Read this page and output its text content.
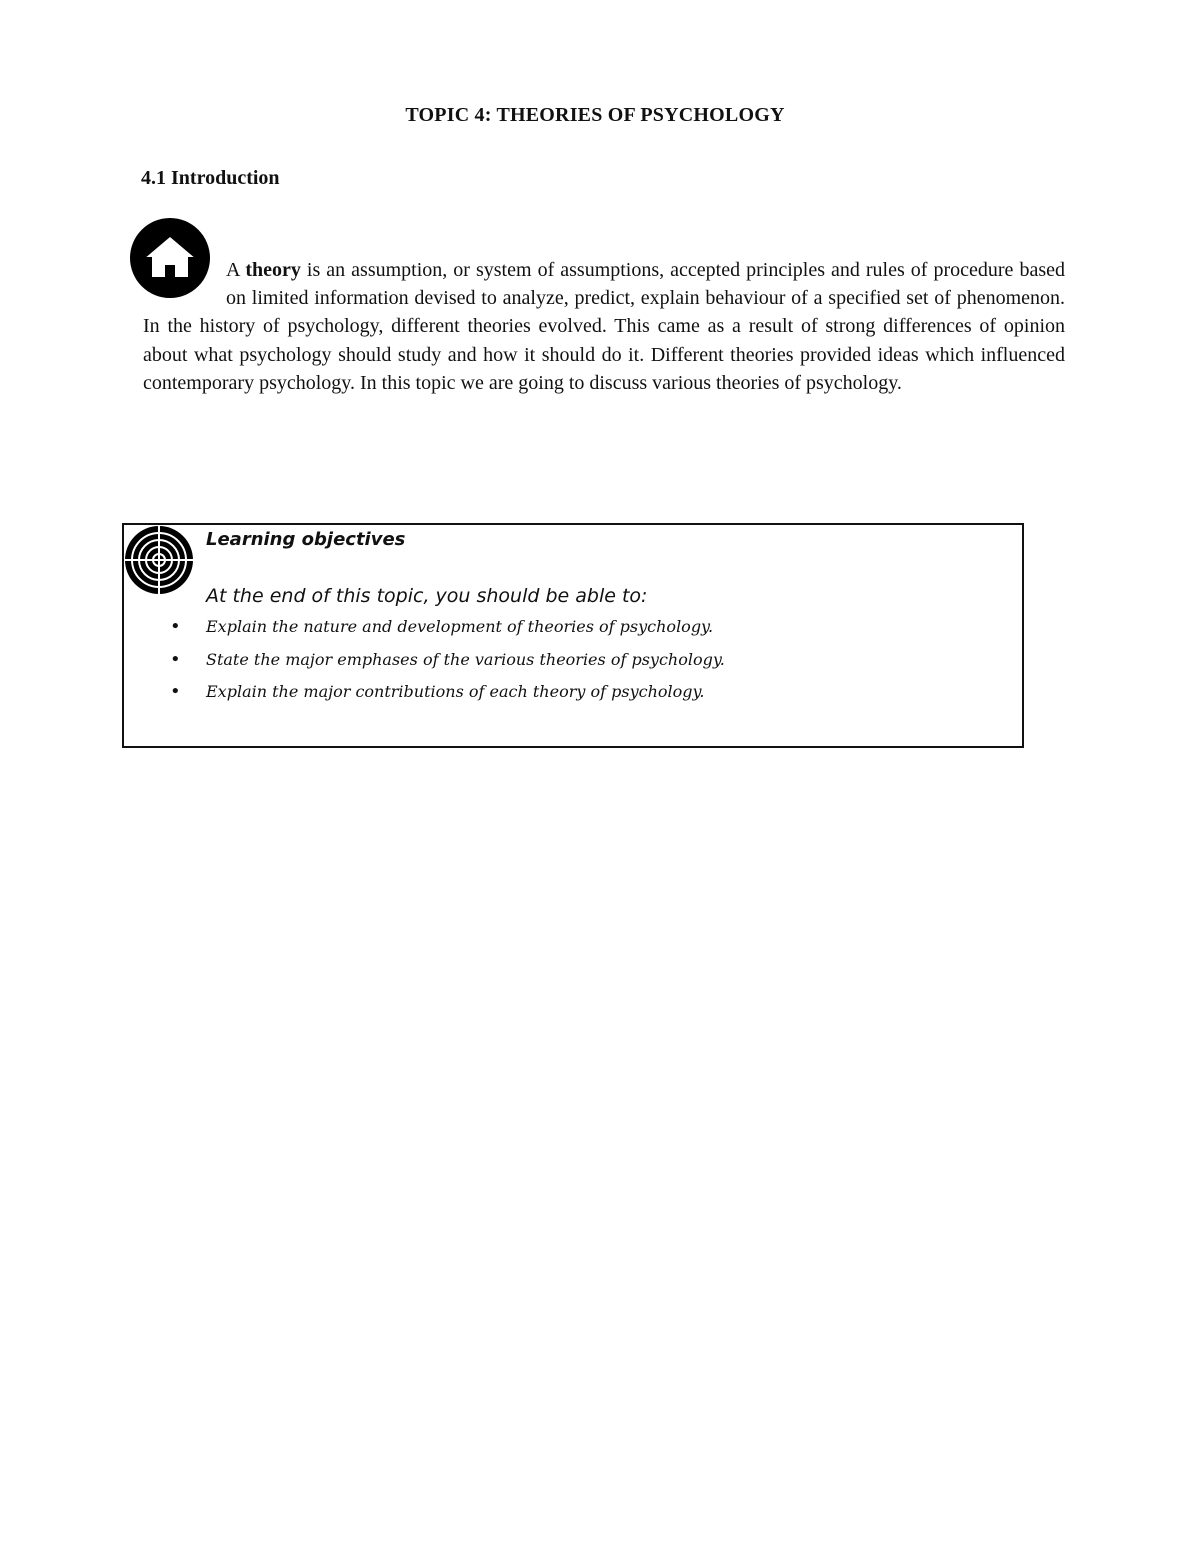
TOPIC 4: THEORIES OF PSYCHOLOGY
4.1 Introduction

A theory is an assumption, or system of assumptions, accepted principles and rules of procedure based on limited information devised to analyze, predict, explain behaviour of a specified set of phenomenon. In the history of psychology, different theories evolved. This came as a result of strong differences of opinion about what psychology should study and how it should do it. Different theories provided ideas which influenced contemporary psychology. In this topic we are going to discuss various theories of psychology.

Learning objectives

At the end of this topic, you should be able to:

• Explain the nature and development of theories of psychology.
• State the major emphases of the various theories of psychology.
• Explain the major contributions of each theory of psychology.
